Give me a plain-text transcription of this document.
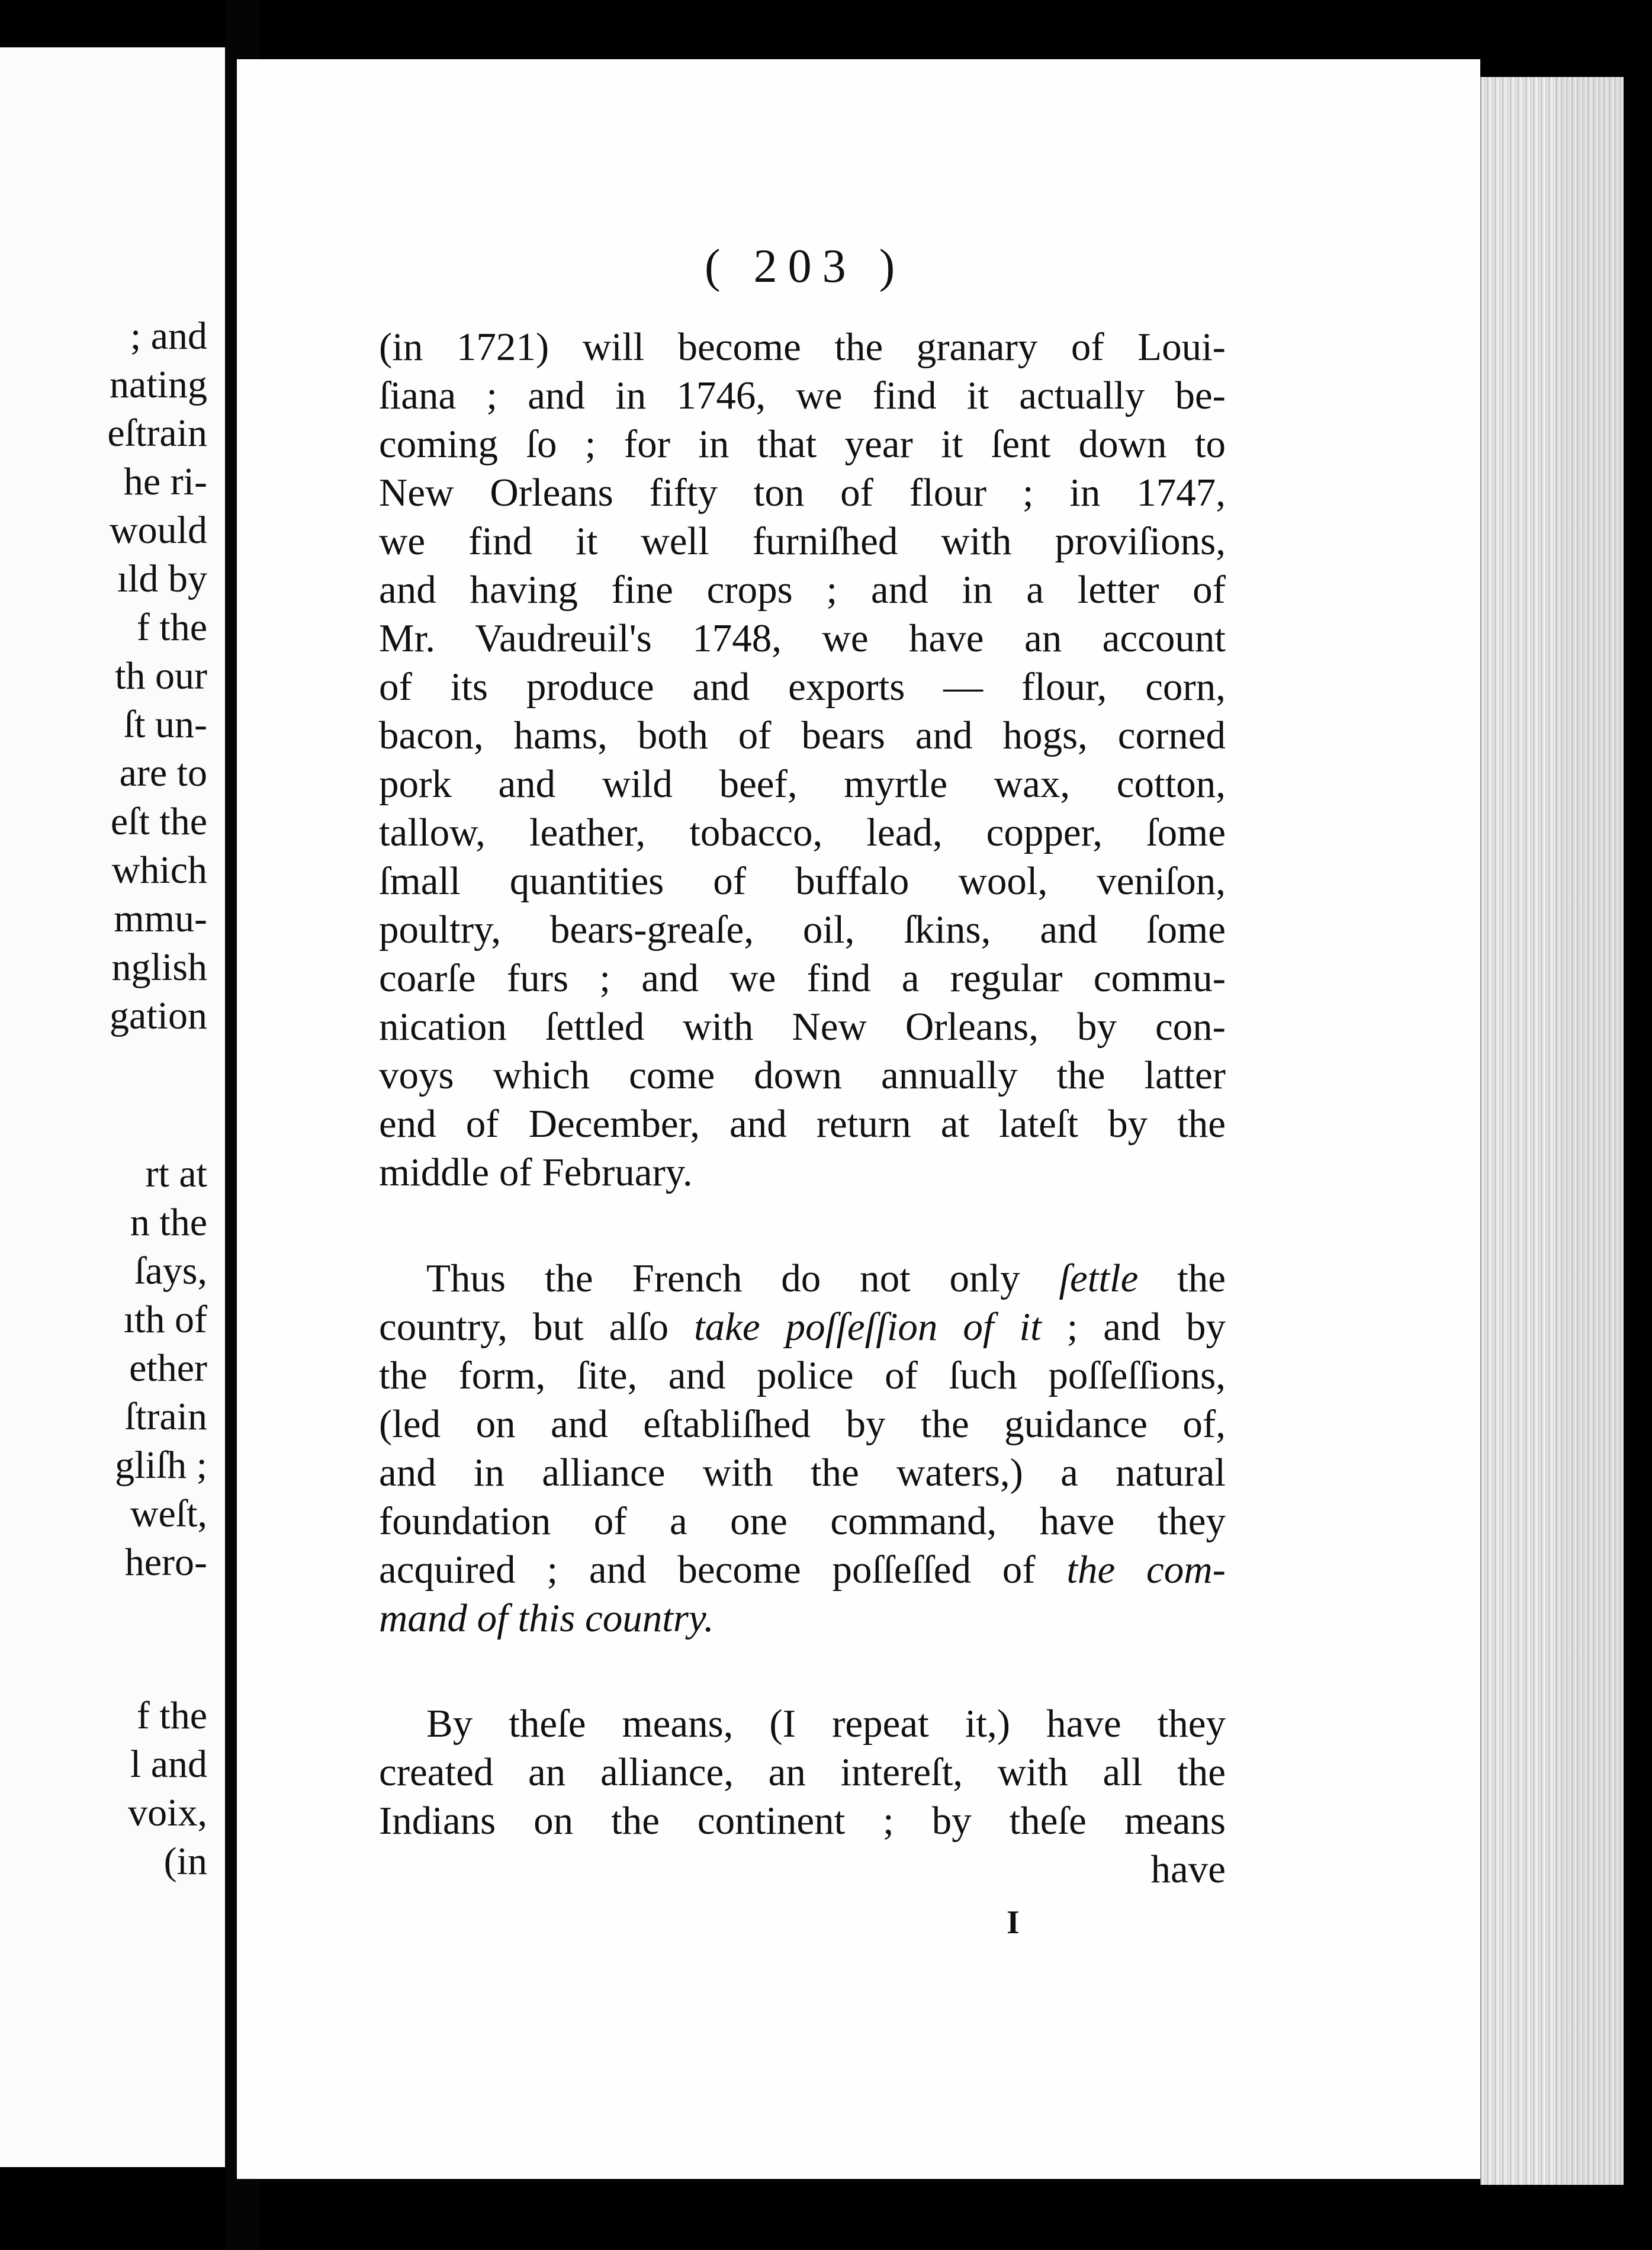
; and
nating
eſtrain
he ri-
would
ıld by
f the
th our
ſt un-
are to
eſt the
which
mmu-
nglish
gation
rt at
n the
ſays,
ıth of
ether
ſtrain
gliſh ;
weſt,
hero-
f the
l and
voix,
(in
( 203 )
(in 1721) will become the granary of Loui-
ſiana ; and in 1746, we find it actually be-
coming ſo ; for in that year it ſent down to
New Orleans fifty ton of flour ; in 1747,
we find it well furniſhed with proviſions,
and having fine crops ; and in a letter of
Mr. Vaudreuil's 1748, we have an account
of its produce and exports — flour, corn,
bacon, hams, both of bears and hogs, corned
pork and wild beef, myrtle wax, cotton,
tallow, leather, tobacco, lead, copper, ſome
ſmall quantities of buffalo wool, veniſon,
poultry, bears-greaſe, oil, ſkins, and ſome
coarſe furs ; and we find a regular commu-
nication ſettled with New Orleans, by con-
voys which come down annually the latter
end of December, and return at lateſt by the
middle of February.
Thus the French do not only ſettle the
country, but alſo take poſſeſſion of it ; and by
the form, ſite, and police of ſuch poſſeſſions,
(led on and eſtabliſhed by the guidance of,
and in alliance with the waters,) a natural
foundation of a one command, have they
acquired ; and become poſſeſſed of the com-
mand of this country.
By theſe means, (I repeat it,) have they
created an alliance, an intereſt, with all the
Indians on the continent ; by theſe means
have
I
